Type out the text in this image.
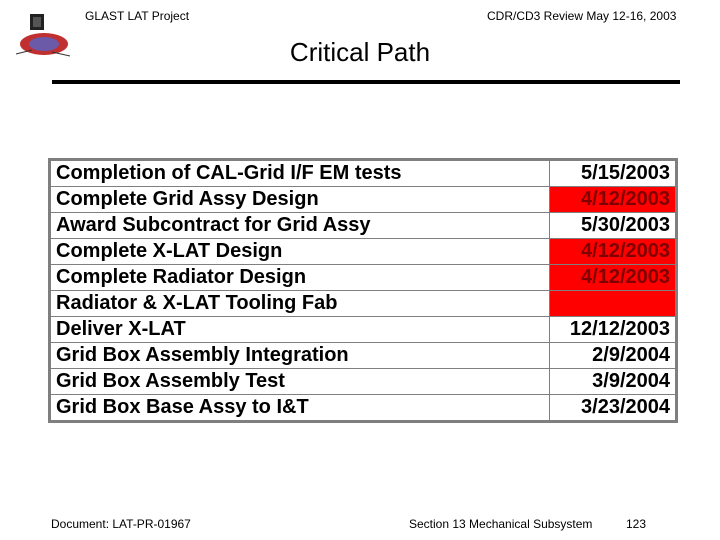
GLAST LAT Project	CDR/CD3 Review May 12-16, 2003
Critical Path
Completion of CAL-Grid I/F EM tests	5/15/2003
Complete Grid Assy Design	4/12/2003
Award Subcontract for Grid Assy	5/30/2003
Complete X-LAT Design	4/12/2003
Complete Radiator Design	4/12/2003
Radiator & X-LAT Tooling Fab	
Deliver X-LAT	12/12/2003
Grid Box Assembly Integration	2/9/2004
Grid Box Assembly Test	3/9/2004
Grid Box Base Assy to I&T	3/23/2004
Document: LAT-PR-01967	Section 13 Mechanical Subsystem	123
